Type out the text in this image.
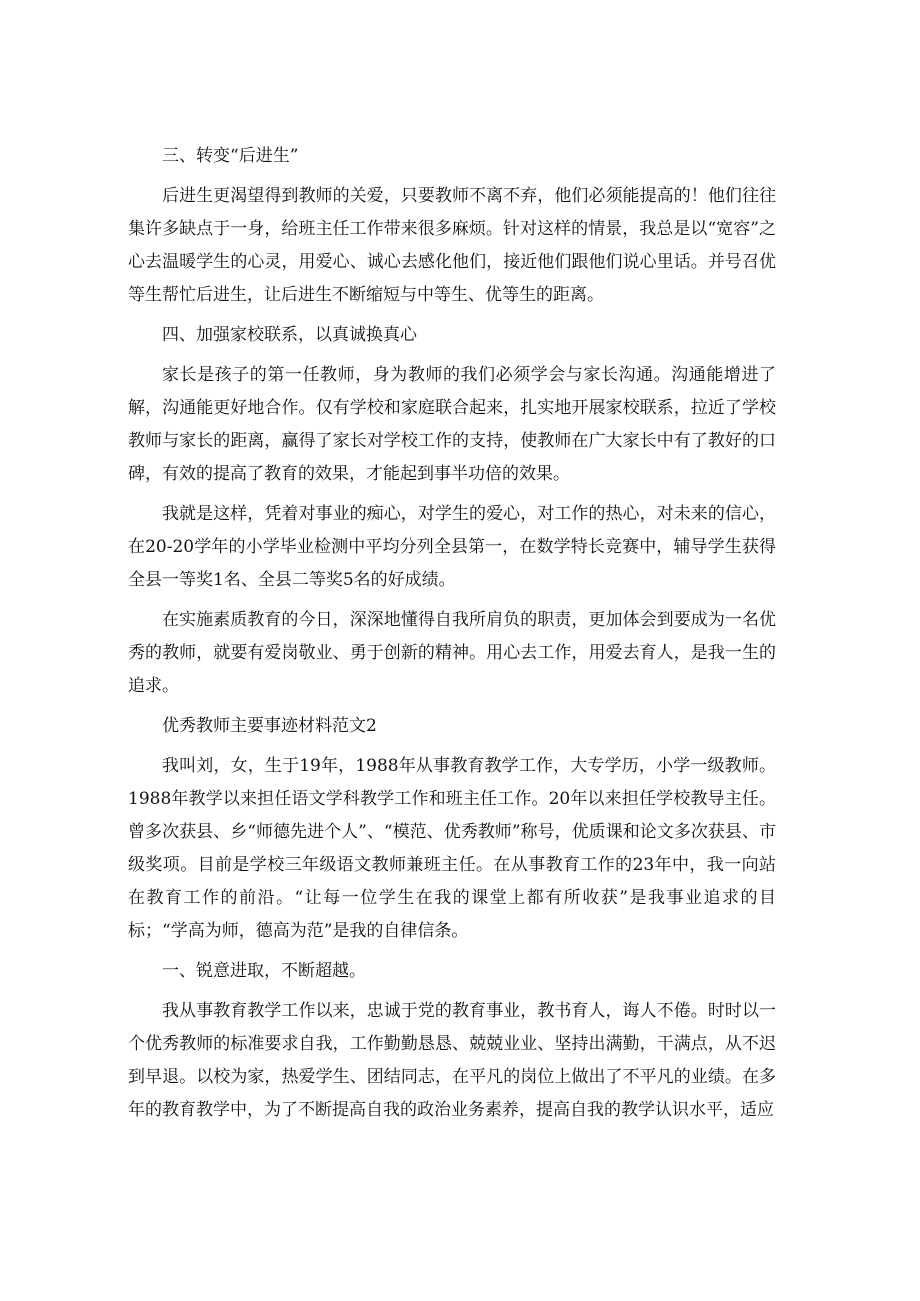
三、转变“后进生”

后进生更渴望得到教师的关爱，只要教师不离不弃，他们必须能提高的！他们往往集许多缺点于一身，给班主任工作带来很多麻烦。针对这样的情景，我总是以“宽容”之心去温暖学生的心灵，用爱心、诚心去感化他们，接近他们跟他们说心里话。并号召优等生帮忙后进生，让后进生不断缩短与中等生、优等生的距离。

四、加强家校联系，以真诚换真心

家长是孩子的第一任教师，身为教师的我们必须学会与家长沟通。沟通能增进了解，沟通能更好地合作。仅有学校和家庭联合起来，扎实地开展家校联系，拉近了学校教师与家长的距离，赢得了家长对学校工作的支持，使教师在广大家长中有了教好的口碑，有效的提高了教育的效果，才能起到事半功倍的效果。

我就是这样，凭着对事业的痴心，对学生的爱心，对工作的热心，对未来的信心，在20-20学年的小学毕业检测中平均分列全县第一，在数学特长竞赛中，辅导学生获得全县一等奖1名、全县二等奖5名的好成绩。

在实施素质教育的今日，深深地懂得自我所肩负的职责，更加体会到要成为一名优秀的教师，就要有爱岗敬业、勇于创新的精神。用心去工作，用爱去育人，是我一生的追求。

优秀教师主要事迹材料范文2

我叫刘，女，生于19年，1988年从事教育教学工作，大专学历，小学一级教师。1988年教学以来担任语文学科教学工作和班主任工作。20年以来担任学校教导主任。曾多次获县、乡“师德先进个人”、“模范、优秀教师”称号，优质课和论文多次获县、市级奖项。目前是学校三年级语文教师兼班主任。在从事教育工作的23年中，我一向站在教育工作的前沿。“让每一位学生在我的课堂上都有所收获”是我事业追求的目标；“学高为师，德高为范”是我的自律信条。

一、锐意进取，不断超越。

我从事教育教学工作以来，忠诚于党的教育事业，教书育人，诲人不倦。时时以一个优秀教师的标准要求自我，工作勤勤恳恳、兢兢业业、坚持出满勤，干满点，从不迟到早退。以校为家，热爱学生、团结同志，在平凡的岗位上做出了不平凡的业绩。在多年的教育教学中，为了不断提高自我的政治业务素养，提高自我的教学认识水平，适应
